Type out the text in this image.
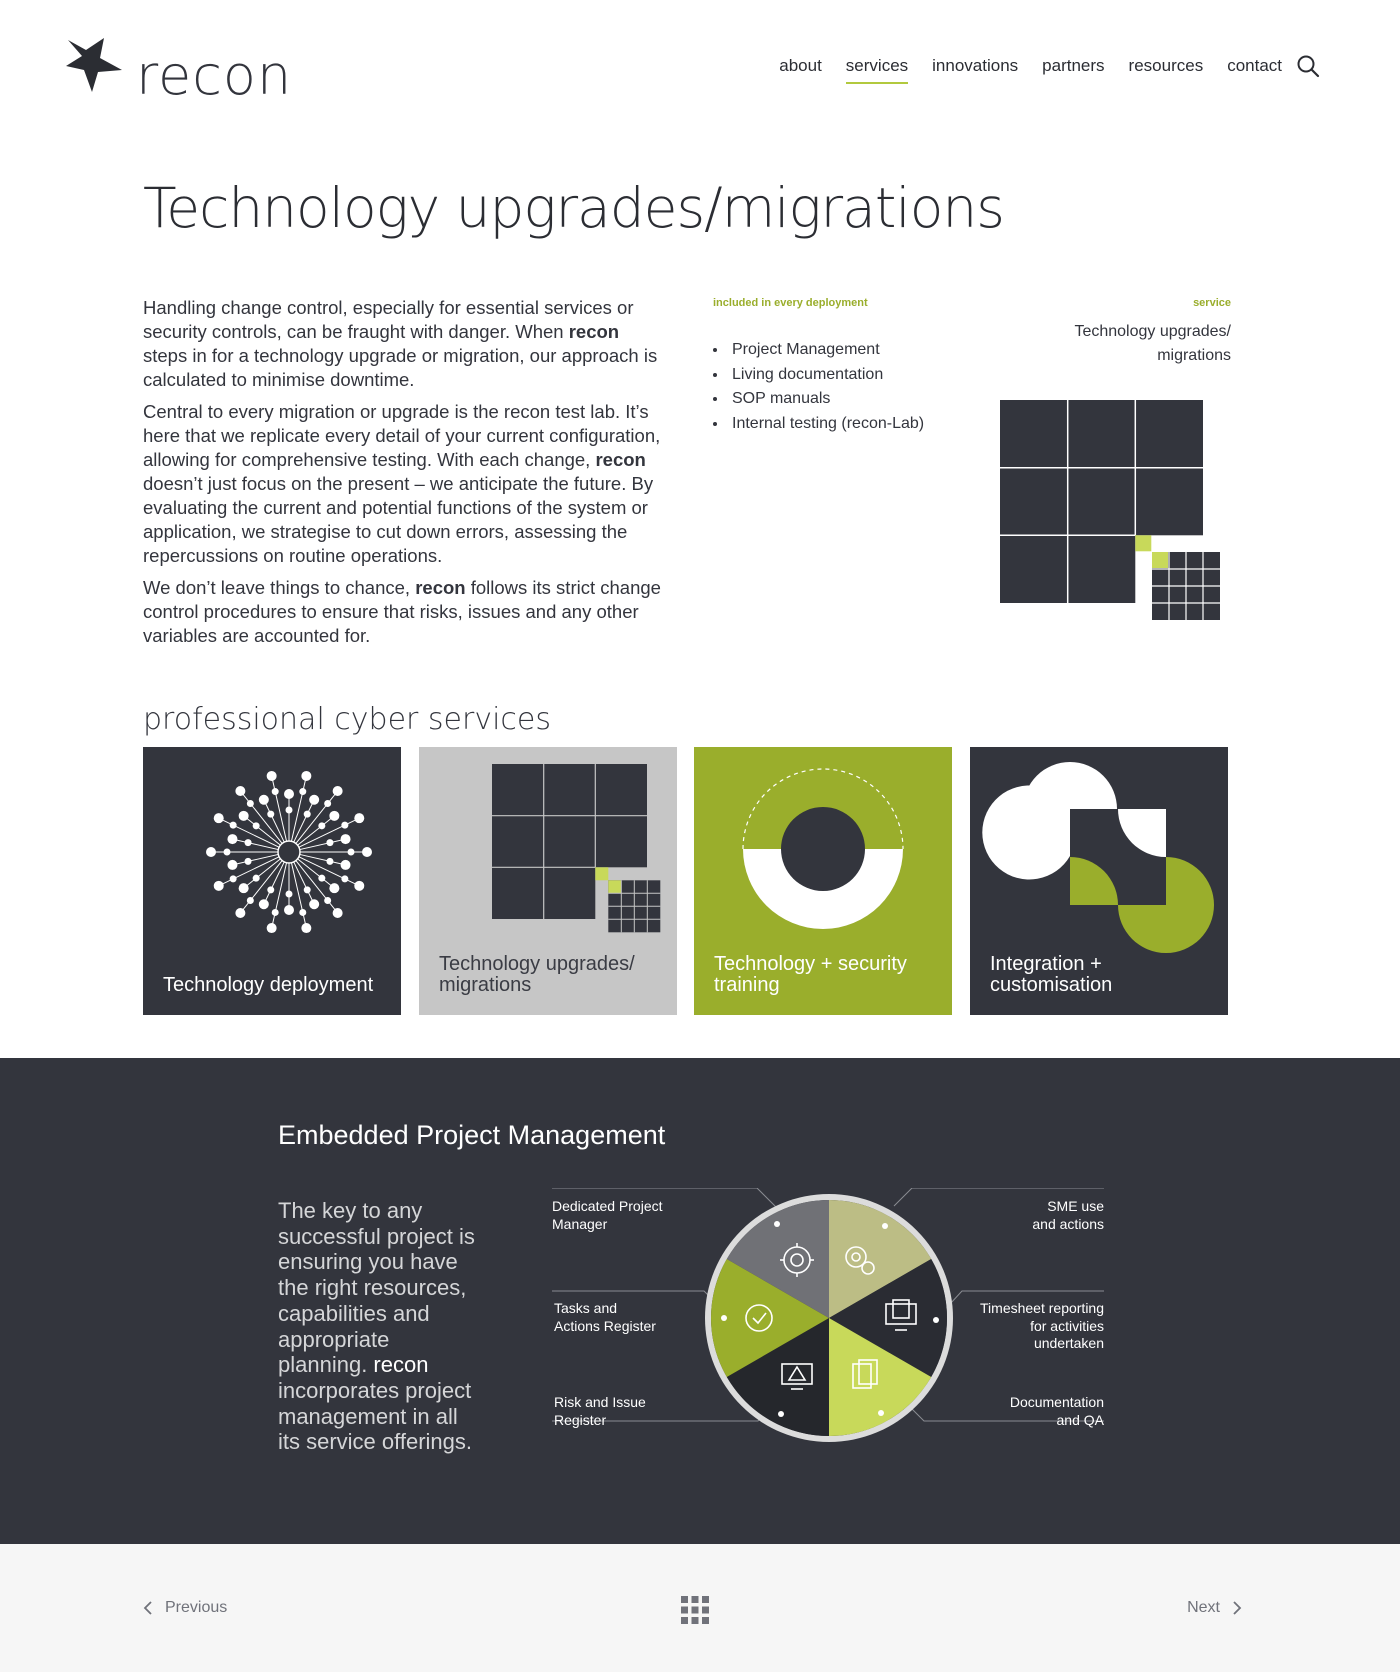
recon	about services innovations partners resources contact
Technology upgrades/migrations

Handling change control, especially for essential services or security controls, can be fraught with danger. When recon steps in for a technology upgrade or migration, our approach is calculated to minimise downtime.

Central to every migration or upgrade is the recon test lab. It’s here that we replicate every detail of your current configuration, allowing for comprehensive testing. With each change, recon doesn’t just focus on the present – we anticipate the future. By evaluating the current and potential functions of the system or application, we strategise to cut down errors, assessing the repercussions on routine operations.

We don’t leave things to chance, recon follows its strict change control procedures to ensure that risks, issues and any other variables are accounted for.

included in every deployment
• Project Management
• Living documentation
• SOP manuals
• Internal testing (recon-Lab)
service
Technology upgrades/ migrations
professional cyber services
Technology deployment
Technology upgrades/ migrations
Technology + security training
Integration + customisation
Embedded Project Management

The key to any successful project is ensuring you have the right resources, capabilities and appropriate planning. recon incorporates project management in all its service offerings.

Dedicated Project
Manager
Tasks and
Actions Register
Risk and Issue
Register
SME use
and actions
Timesheet reporting
for activities
undertaken
Documentation
and QA
Previous	Next
